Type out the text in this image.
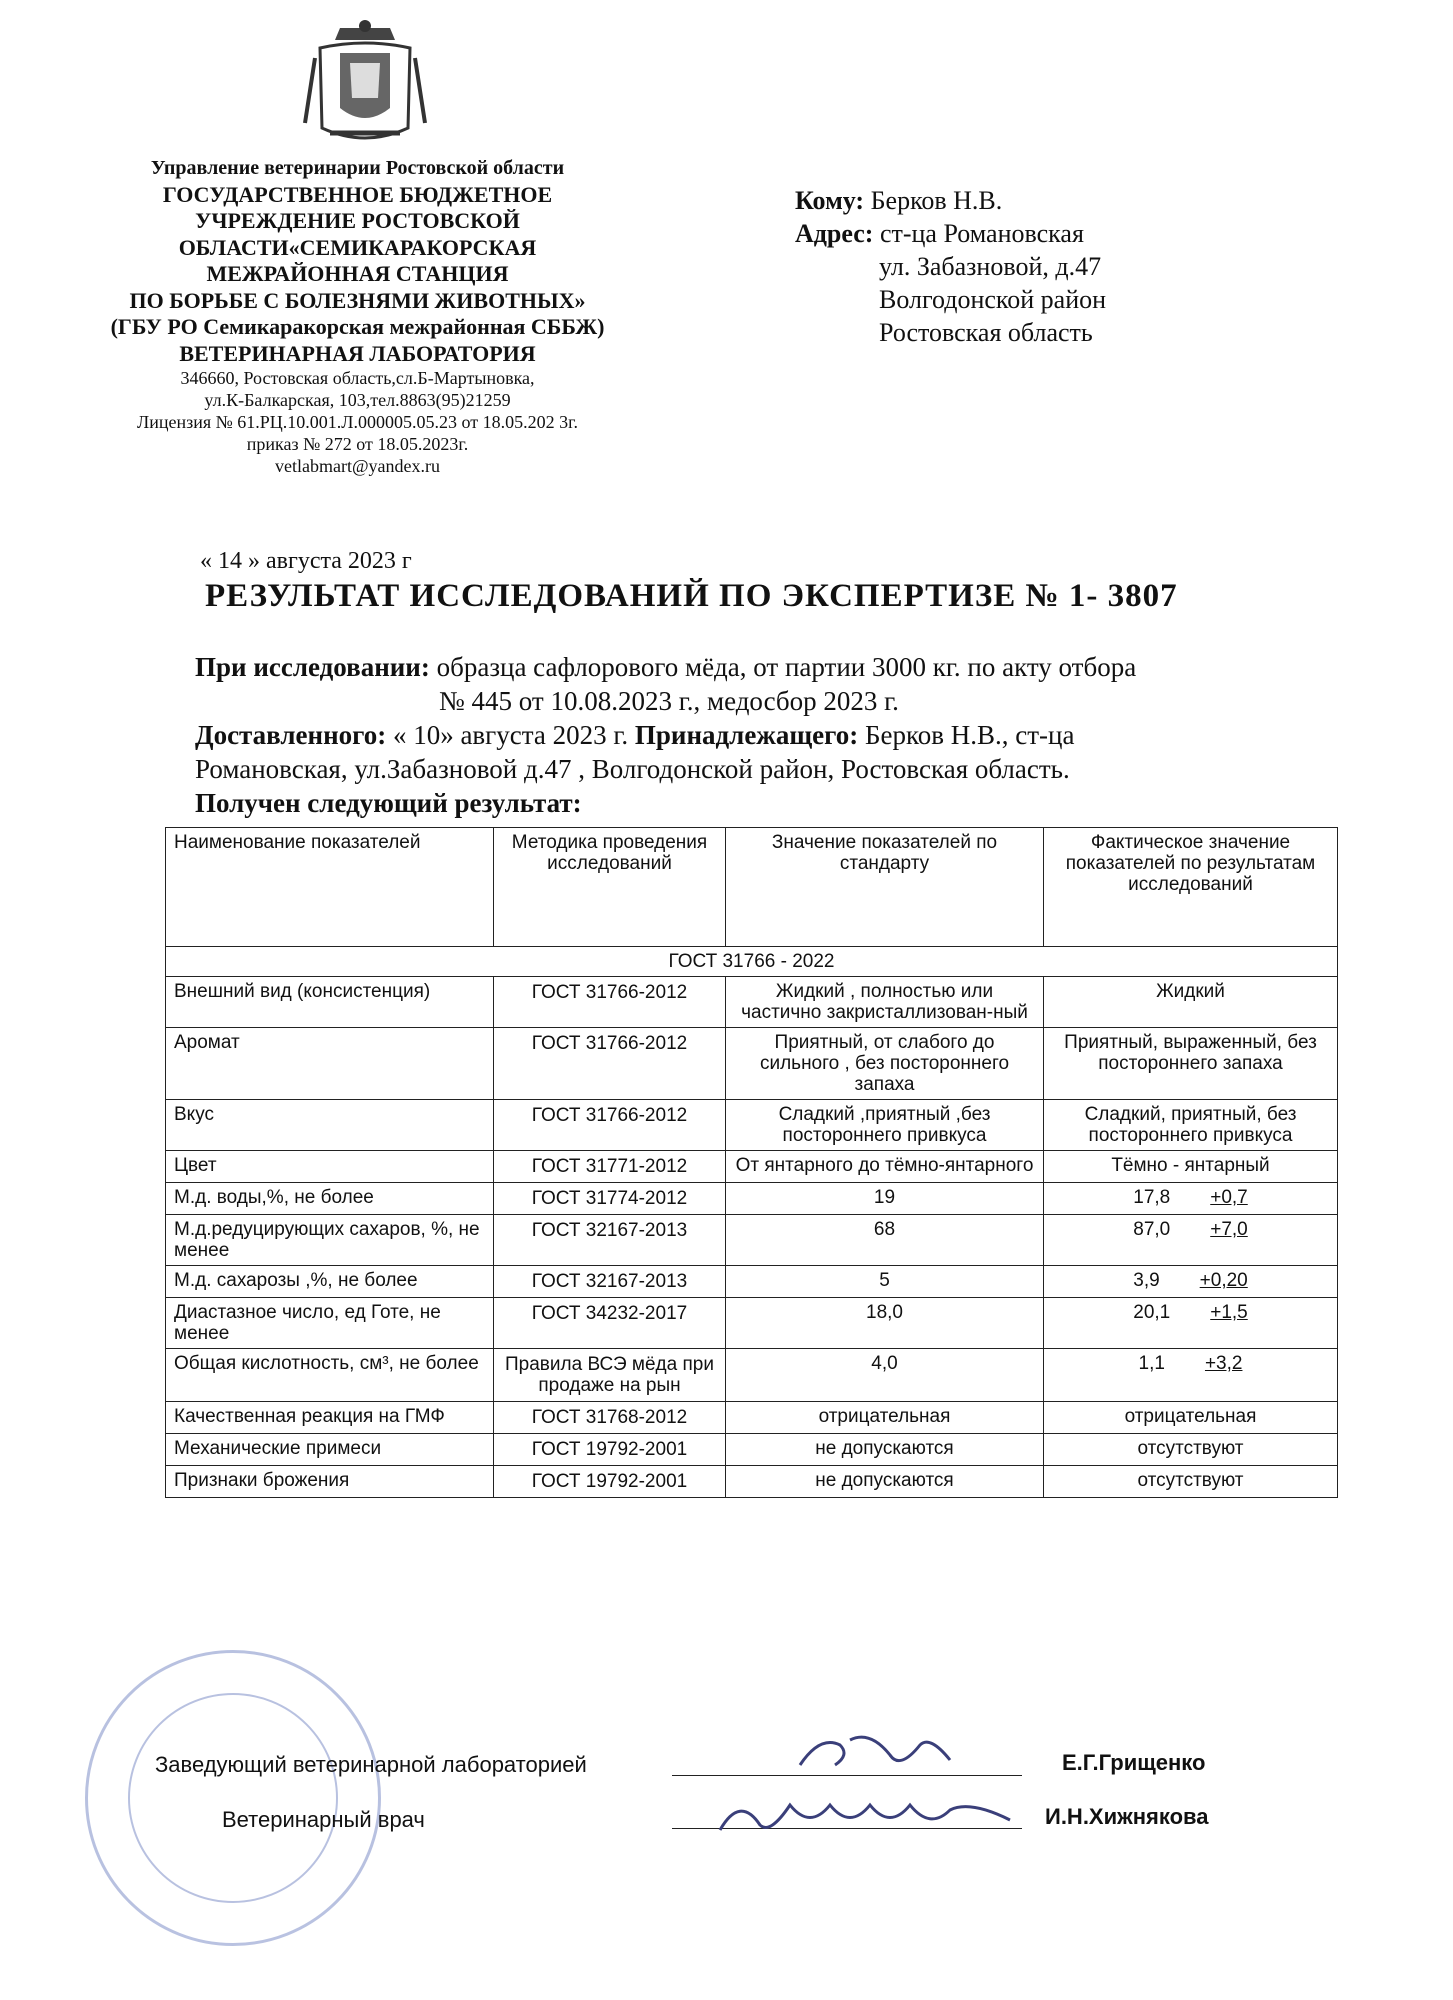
Управление ветеринарии Ростовской области
ГОСУДАРСТВЕННОЕ БЮДЖЕТНОЕ
УЧРЕЖДЕНИЕ РОСТОВСКОЙ
ОБЛАСТИ«СЕМИКАРАКОРСКАЯ
МЕЖРАЙОННАЯ СТАНЦИЯ
ПО БОРЬБЕ С БОЛЕЗНЯМИ ЖИВОТНЫХ»
(ГБУ РО Семикаракорская межрайонная СББЖ)
ВЕТЕРИНАРНАЯ ЛАБОРАТОРИЯ
346660, Ростовская область,сл.Б-Мартыновка,
ул.К-Балкарская, 103,тел.8863(95)21259
Лицензия № 61.РЦ.10.001.Л.000005.05.23 от 18.05.202 3г.
приказ № 272 от 18.05.2023г.
vetlabmart@yandex.ru
Кому: Берков Н.В.
Адрес: ст-ца Романовская
ул. Забазновой, д.47
Волгодонской район
Ростовская область
« 14 » августа 2023 г
РЕЗУЛЬТАТ ИССЛЕДОВАНИЙ ПО ЭКСПЕРТИЗЕ № 1- 3807
При исследовании: образца сафлорового мёда, от партии 3000 кг. по акту отбора
№ 445 от 10.08.2023 г., медосбор 2023 г.
Доставленного: « 10» августа 2023 г. Принадлежащего: Берков Н.В., ст-ца
Романовская, ул.Забазновой д.47 , Волгодонской район, Ростовская область.
Получен следующий результат:
Наименование показателей	Методика проведения исследований	Значение показателей по стандарту	Фактическое значение показателей по результатам исследований
ГОСТ 31766 - 2022			
Внешний вид (консистенция)	ГОСТ 31766-2012	Жидкий , полностью или частично закристаллизован-ный	Жидкий
Аромат	ГОСТ 31766-2012	Приятный, от слабого до сильного , без постороннего запаха	Приятный, выраженный, без постороннего запаха
Вкус	ГОСТ 31766-2012	Сладкий ,приятный ,без постороннего привкуса	Сладкий, приятный, без постороннего привкуса
Цвет	ГОСТ 31771-2012	От янтарного до тёмно-янтарного	Тёмно - янтарный
М.д. воды,%, не более	ГОСТ 31774-2012	19	17,8 +0,7
М.д.редуцирующих сахаров, %, не менее	ГОСТ 32167-2013	68	87,0 +7,0
М.д. сахарозы ,%, не более	ГОСТ 32167-2013	5	3,9 +0,20
Диастазное число, ед Готе, не менее	ГОСТ 34232-2017	18,0	20,1 +1,5
Общая кислотность, см³, не более	Правила ВСЭ мёда при продаже на рын	4,0	1,1 +3,2
Качественная реакция на ГМФ	ГОСТ 31768-2012	отрицательная	отрицательная
Механические примеси	ГОСТ 19792-2001	не допускаются	отсутствуют
Признаки брожения	ГОСТ 19792-2001	не допускаются	отсутствуют
Заведующий ветеринарной лабораторией	Е.Г.Грищенко
Ветеринарный врач	И.Н.Хижнякова
